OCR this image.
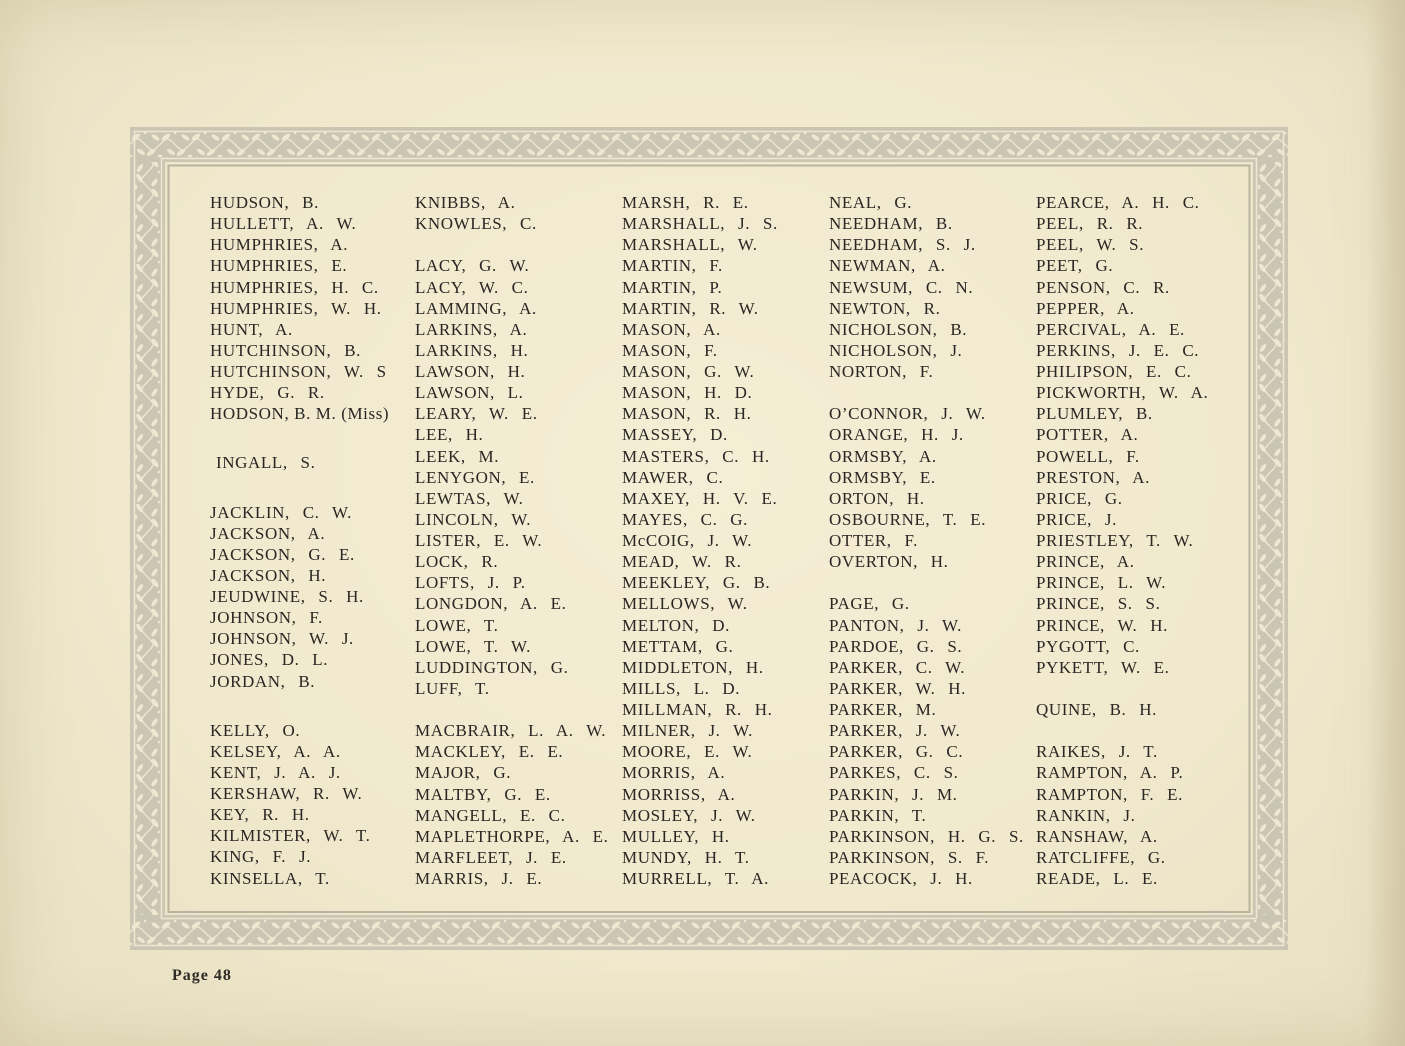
HUDSON, B.
HULLETT, A. W.
HUMPHRIES, A.
HUMPHRIES, E.
HUMPHRIES, H. C.
HUMPHRIES, W. H.
HUNT, A.
HUTCHINSON, B.
HUTCHINSON, W. S
HYDE, G. R.
HODSON, B. M. (Miss)
INGALL, S.
JACKLIN, C. W.
JACKSON, A.
JACKSON, G. E.
JACKSON, H.
JEUDWINE, S. H.
JOHNSON, F.
JOHNSON, W. J.
JONES, D. L.
JORDAN, B.
KELLY, O.
KELSEY, A. A.
KENT, J. A. J.
KERSHAW, R. W.
KEY, R. H.
KILMISTER, W. T.
KING, F. J.
KINSELLA, T.
KNIBBS, A.
KNOWLES, C.
LACY, G. W.
LACY, W. C.
LAMMING, A.
LARKINS, A.
LARKINS, H.
LAWSON, H.
LAWSON, L.
LEARY, W. E.
LEE, H.
LEEK, M.
LENYGON, E.
LEWTAS, W.
LINCOLN, W.
LISTER, E. W.
LOCK, R.
LOFTS, J. P.
LONGDON, A. E.
LOWE, T.
LOWE, T. W.
LUDDINGTON, G.
LUFF, T.
MACBRAIR, L. A. W.
MACKLEY, E. E.
MAJOR, G.
MALTBY, G. E.
MANGELL, E. C.
MAPLETHORPE, A. E.
MARFLEET, J. E.
MARRIS, J. E.
MARSH, R. E.
MARSHALL, J. S.
MARSHALL, W.
MARTIN, F.
MARTIN, P.
MARTIN, R. W.
MASON, A.
MASON, F.
MASON, G. W.
MASON, H. D.
MASON, R. H.
MASSEY, D.
MASTERS, C. H.
MAWER, C.
MAXEY, H. V. E.
MAYES, C. G.
McCOIG, J. W.
MEAD, W. R.
MEEKLEY, G. B.
MELLOWS, W.
MELTON, D.
METTAM, G.
MIDDLETON, H.
MILLS, L. D.
MILLMAN, R. H.
MILNER, J. W.
MOORE, E. W.
MORRIS, A.
MORRISS, A.
MOSLEY, J. W.
MULLEY, H.
MUNDY, H. T.
MURRELL, T. A.
NEAL, G.
NEEDHAM, B.
NEEDHAM, S. J.
NEWMAN, A.
NEWSUM, C. N.
NEWTON, R.
NICHOLSON, B.
NICHOLSON, J.
NORTON, F.
O’CONNOR, J. W.
ORANGE, H. J.
ORMSBY, A.
ORMSBY, E.
ORTON, H.
OSBOURNE, T. E.
OTTER, F.
OVERTON, H.
PAGE, G.
PANTON, J. W.
PARDOE, G. S.
PARKER, C. W.
PARKER, W. H.
PARKER, M.
PARKER, J. W.
PARKER, G. C.
PARKES, C. S.
PARKIN, J. M.
PARKIN, T.
PARKINSON, H. G. S.
PARKINSON, S. F.
PEACOCK, J. H.
PEARCE, A. H. C.
PEEL, R. R.
PEEL, W. S.
PEET, G.
PENSON, C. R.
PEPPER, A.
PERCIVAL, A. E.
PERKINS, J. E. C.
PHILIPSON, E. C.
PICKWORTH, W. A.
PLUMLEY, B.
POTTER, A.
POWELL, F.
PRESTON, A.
PRICE, G.
PRICE, J.
PRIESTLEY, T. W.
PRINCE, A.
PRINCE, L. W.
PRINCE, S. S.
PRINCE, W. H.
PYGOTT, C.
PYKETT, W. E.
QUINE, B. H.
RAIKES, J. T.
RAMPTON, A. P.
RAMPTON, F. E.
RANKIN, J.
RANSHAW, A.
RATCLIFFE, G.
READE, L. E.
Page 48
